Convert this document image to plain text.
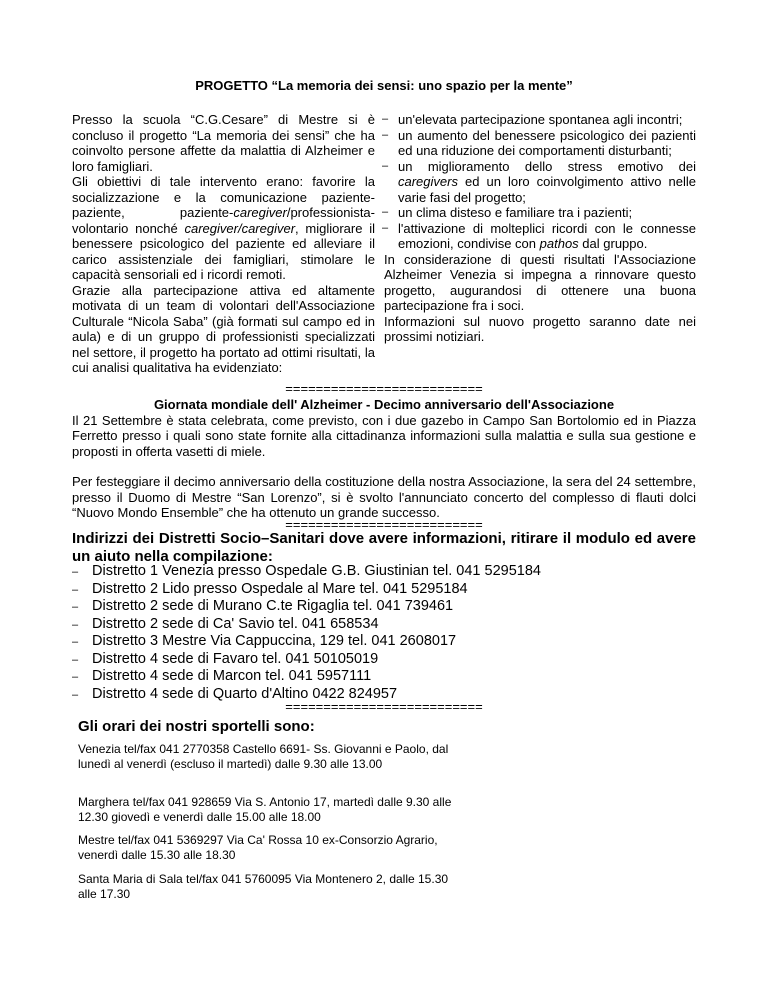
PROGETTO “La memoria dei sensi: uno spazio per la mente”

Presso la scuola “C.G.Cesare” di Mestre si è concluso il progetto “La memoria dei sensi” che ha coinvolto persone affette da malattia di Alzheimer e loro famigliari.

Gli obiettivi di tale intervento erano: favorire la socializzazione e la comunicazione paziente-paziente, paziente-caregiver/professionista-volontario nonché caregiver/caregiver, migliorare il benessere psicologico del paziente ed alleviare il carico assistenziale dei famigliari, stimolare le capacità sensoriali ed i ricordi remoti.

Grazie alla partecipazione attiva ed altamente motivata di un team di volontari dell'Associazione Culturale “Nicola Saba” (già formati sul campo ed in aula) e di un gruppo di professionisti specializzati nel settore, il progetto ha portato ad ottimi risultati, la cui analisi qualitativa ha evidenziato:

– un'elevata partecipazione spontanea agli incontri;
– un aumento del benessere psicologico dei pazienti ed una riduzione dei comportamenti disturbanti;
– un miglioramento dello stress emotivo dei caregivers ed un loro coinvolgimento attivo nelle varie fasi del progetto;
– un clima disteso e familiare tra i pazienti;
– l'attivazione di molteplici ricordi con le connesse emozioni, condivise con pathos dal gruppo.

In considerazione di questi risultati l'Associazione Alzheimer Venezia si impegna a rinnovare questo progetto, augurandosi di ottenere una buona partecipazione fra i soci.

Informazioni sul nuovo progetto saranno date nei prossimi notiziari.

==========================
Giornata mondiale dell' Alzheimer - Decimo anniversario dell'Associazione
Il 21 Settembre è stata celebrata, come previsto, con i due gazebo in Campo San Bortolomio ed in Piazza Ferretto presso i quali sono state fornite alla cittadinanza informazioni sulla malattia e sulla sua gestione e proposti in offerta vasetti di miele.
Per festeggiare il decimo anniversario della costituzione della nostra Associazione, la sera del 24 settembre, presso il Duomo di Mestre “San Lorenzo”, si è svolto l'annunciato concerto del complesso di flauti dolci “Nuovo Mondo Ensemble” che ha ottenuto un grande successo.
==========================
Indirizzi dei Distretti Socio–Sanitari dove avere informazioni, ritirare il modulo ed avere un aiuto nella compilazione:
– Distretto 1 Venezia presso Ospedale G.B. Giustinian tel. 041 5295184
– Distretto 2 Lido presso Ospedale al Mare tel. 041 5295184
– Distretto 2 sede di Murano C.te Rigaglia tel. 041 739461
– Distretto 2 sede di Ca' Savio tel. 041 658534
– Distretto 3 Mestre Via Cappuccina, 129 tel. 041 2608017
– Distretto 4 sede di Favaro tel. 041 50105019
– Distretto 4 sede di Marcon tel. 041 5957111
– Distretto 4 sede di Quarto d'Altino 0422 824957
==========================
Gli orari dei nostri sportelli sono:
Venezia tel/fax 041 2770358 Castello 6691- Ss. Giovanni e Paolo, dal lunedì al venerdì (escluso il martedì) dalle 9.30 alle 13.00
Marghera tel/fax 041 928659 Via S. Antonio 17, martedì dalle 9.30 alle 12.30 giovedì e venerdì dalle 15.00 alle 18.00
Mestre tel/fax 041 5369297 Via Ca' Rossa 10 ex-Consorzio Agrario, venerdì dalle 15.30 alle 18.30
Santa Maria di Sala tel/fax 041 5760095 Via Montenero 2, dalle 15.30 alle 17.30
